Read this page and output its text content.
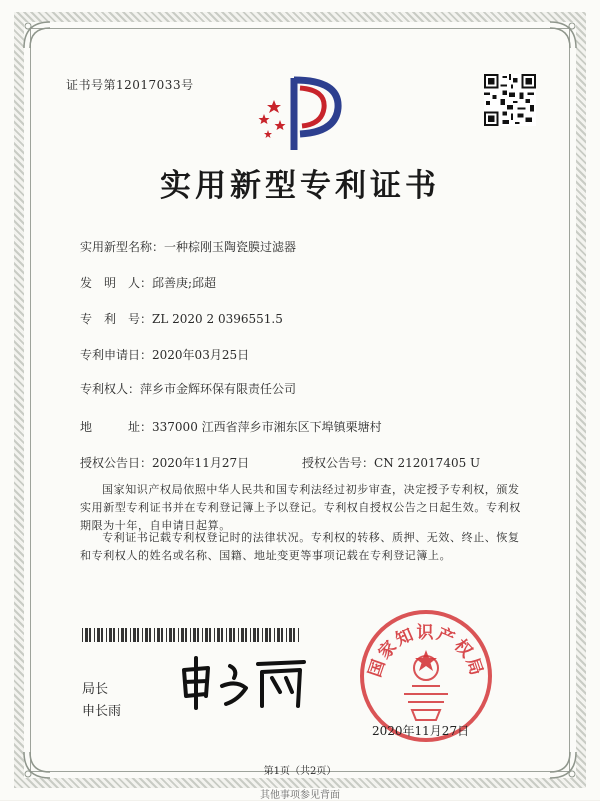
证书号第12017033号
实用新型专利证书
实用新型名称：一种棕刚玉陶瓷膜过滤器
发　明　人：邱善庚;邱超
专　利　号：ZL 2020 2 0396551.5
专利申请日：2020年03月25日
专利权人：萍乡市金辉环保有限责任公司
地　　　址：337000 江西省萍乡市湘东区下埠镇栗塘村
授权公告日：2020年11月27日	授权公告号：CN 212017405 U

国家知识产权局依照中华人民共和国专利法经过初步审查，决定授予专利权，颁发实用新型专利证书并在专利登记簿上予以登记。专利权自授权公告之日起生效。专利权期限为十年，自申请日起算。

专利证书记载专利权登记时的法律状况。专利权的转移、质押、无效、终止、恢复和专利权人的姓名或名称、国籍、地址变更等事项记载在专利登记簿上。

局长
申长雨
国家知识产权局
2020年11月27日
第1页（共2页）
其他事项参见背面
